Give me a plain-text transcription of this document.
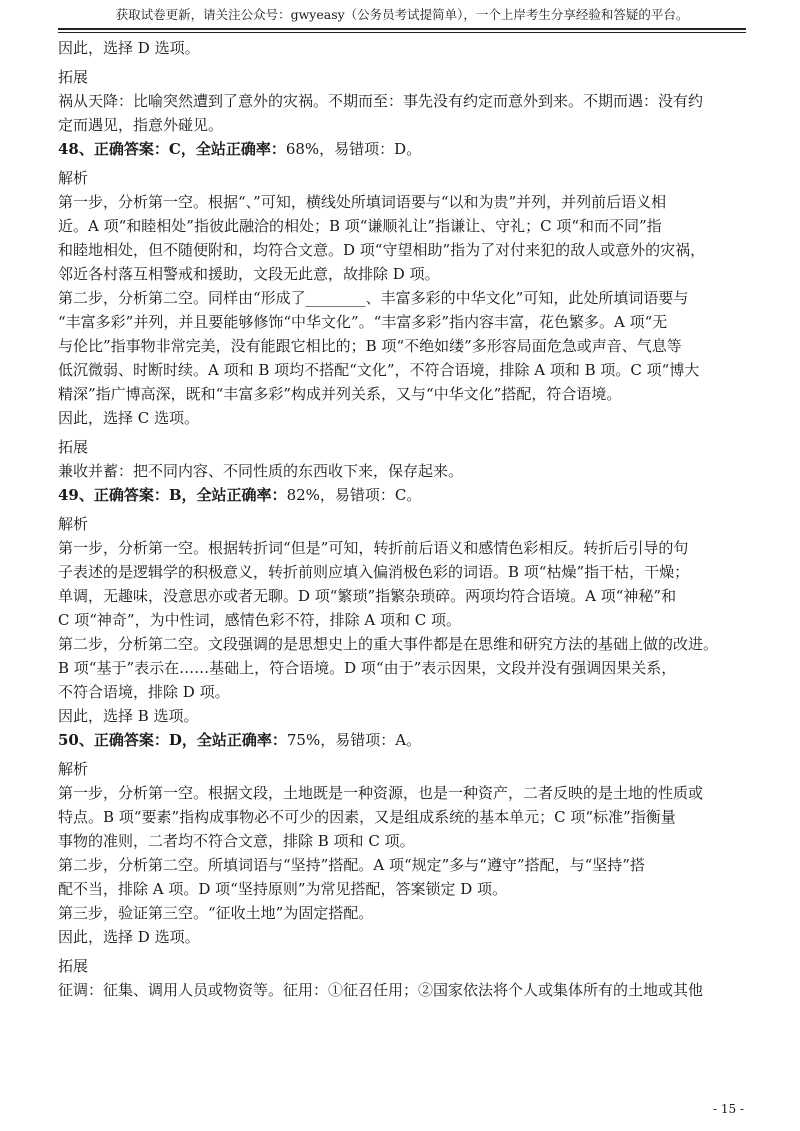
获取试卷更新，请关注公众号：gwyeasy（公务员考试提简单），一个上岸考生分享经验和答疑的平台。
因此，选择 D 选项。
拓展
祸从天降：比喻突然遭到了意外的灾祸。不期而至：事先没有约定而意外到来。不期而遇：没有约
定而遇见，指意外碰见。
48、正确答案：C，全站正确率：68%，易错项：D。
解析
第一步，分析第一空。根据“、”可知，横线处所填词语要与“以和为贵”并列，并列前后语义相
近。A 项“和睦相处”指彼此融洽的相处；B 项“谦顺礼让”指谦让、守礼；C 项“和而不同”指
和睦地相处，但不随便附和，均符合文意。D 项“守望相助”指为了对付来犯的敌人或意外的灾祸，
邻近各村落互相警戒和援助，文段无此意，故排除 D 项。
第二步，分析第二空。同样由“形成了________、丰富多彩的中华文化”可知，此处所填词语要与
“丰富多彩”并列，并且要能够修饰“中华文化”。“丰富多彩”指内容丰富，花色繁多。A 项“无
与伦比”指事物非常完美，没有能跟它相比的；B 项“不绝如缕”多形容局面危急或声音、气息等
低沉微弱、时断时续。A 项和 B 项均不搭配“文化”，不符合语境，排除 A 项和 B 项。C 项“博大
精深”指广博高深，既和“丰富多彩”构成并列关系，又与“中华文化”搭配，符合语境。
因此，选择 C 选项。
拓展
兼收并蓄：把不同内容、不同性质的东西收下来，保存起来。
49、正确答案：B，全站正确率：82%，易错项：C。
解析
第一步，分析第一空。根据转折词“但是”可知，转折前后语义和感情色彩相反。转折后引导的句
子表述的是逻辑学的积极意义，转折前则应填入偏消极色彩的词语。B 项“枯燥”指干枯，干燥；
单调，无趣味，没意思亦或者无聊。D 项“繁琐”指繁杂琐碎。两项均符合语境。A 项“神秘”和
C 项“神奇”，为中性词，感情色彩不符，排除 A 项和 C 项。
第二步，分析第二空。文段强调的是思想史上的重大事件都是在思维和研究方法的基础上做的改进。
B 项“基于”表示在……基础上，符合语境。D 项“由于”表示因果，文段并没有强调因果关系，
不符合语境，排除 D 项。
因此，选择 B 选项。
50、正确答案：D，全站正确率：75%，易错项：A。
解析
第一步，分析第一空。根据文段，土地既是一种资源，也是一种资产，二者反映的是土地的性质或
特点。B 项“要素”指构成事物必不可少的因素，又是组成系统的基本单元；C 项“标准”指衡量
事物的准则，二者均不符合文意，排除 B 项和 C 项。
第二步，分析第二空。所填词语与“坚持”搭配。A 项“规定”多与“遵守”搭配，与“坚持”搭
配不当，排除 A 项。D 项“坚持原则”为常见搭配，答案锁定 D 项。
第三步，验证第三空。“征收土地”为固定搭配。
因此，选择 D 选项。
拓展
征调：征集、调用人员或物资等。征用：①征召任用；②国家依法将个人或集体所有的土地或其他
- 15 -
